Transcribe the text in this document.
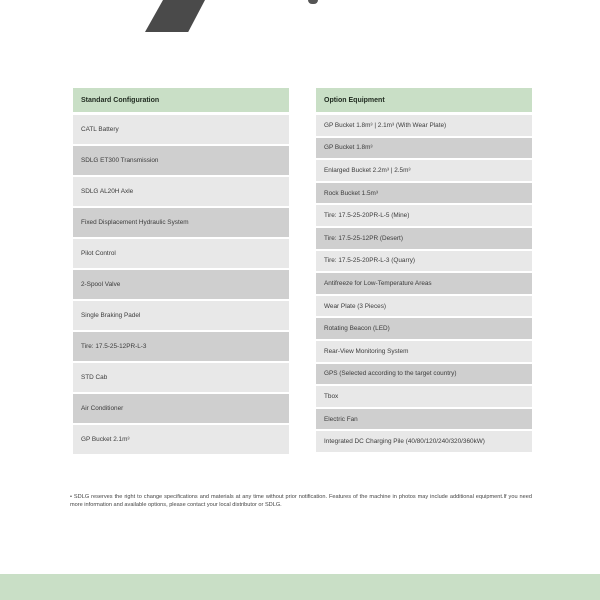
Standard Configuration
CATL Battery
SDLG ET300 Transmission
SDLG AL20H Axle
Fixed Displacement Hydraulic System
Pilot Control
2-Spool Valve
Single Braking Padel
Tire: 17.5-25-12PR-L-3
STD Cab
Air Conditioner
GP Bucket 2.1m³
Option Equipment
GP Bucket 1.8m³ | 2.1m³ (With Wear Plate)
GP Bucket 1.8m³
Enlarged Bucket 2.2m³ | 2.5m³
Rock Bucket 1.5m³
Tire: 17.5-25-20PR-L-5 (Mine)
Tire: 17.5-25-12PR (Desert)
Tire: 17.5-25-20PR-L-3 (Quarry)
Antifreeze for Low-Temperature Areas
Wear Plate (3 Pieces)
Rotating Beacon (LED)
Rear-View Monitoring System
GPS (Selected according to the target country)
Tbox
Electric Fan
Integrated DC Charging Pile (40/80/120/240/320/360kW)

• SDLG reserves the right to change specifications and materials at any time without prior notification. Features of the machine in photos may include additional equipment.If you need more information and available options, please contact your local distributor or SDLG.
